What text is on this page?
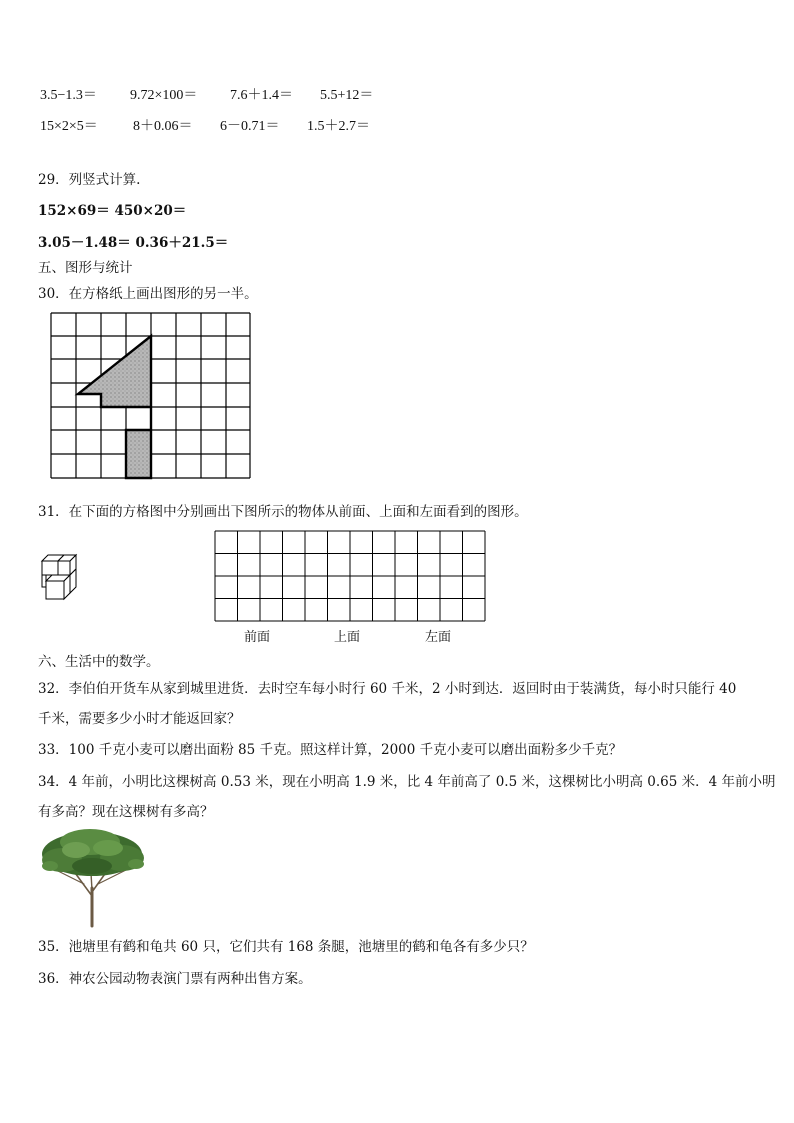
3.5−1.3＝ 9.72×100＝ 7.6＋1.4＝ 5.5+12＝
15×2×5＝	8＋0.06＝ 6－0.71＝ 1.5＋2.7＝
29．列竖式计算.
152×69＝ 450×20＝
3.05－1.48＝ 0.36＋21.5＝
五、图形与统计
30．在方格纸上画出图形的另一半。
31．在下面的方格图中分别画出下图所示的物体从前面、上面和左面看到的图形。
前面	上面	左面
六、生活中的数学。
32．李伯伯开货车从家到城里进货．去时空车每小时行 60 千米，2 小时到达．返回时由于装满货，每小时只能行 40
千米，需要多少小时才能返回家？
33．100 千克小麦可以磨出面粉 85 千克。照这样计算，2000 千克小麦可以磨出面粉多少千克？
34．4 年前，小明比这棵树高 0.53 米，现在小明高 1.9 米，比 4 年前高了 0.5 米，这棵树比小明高 0.65 米．4 年前小明
有多高？现在这棵树有多高？
35．池塘里有鹤和龟共 60 只，它们共有 168 条腿，池塘里的鹤和龟各有多少只？
36．神农公园动物表演门票有两种出售方案。
